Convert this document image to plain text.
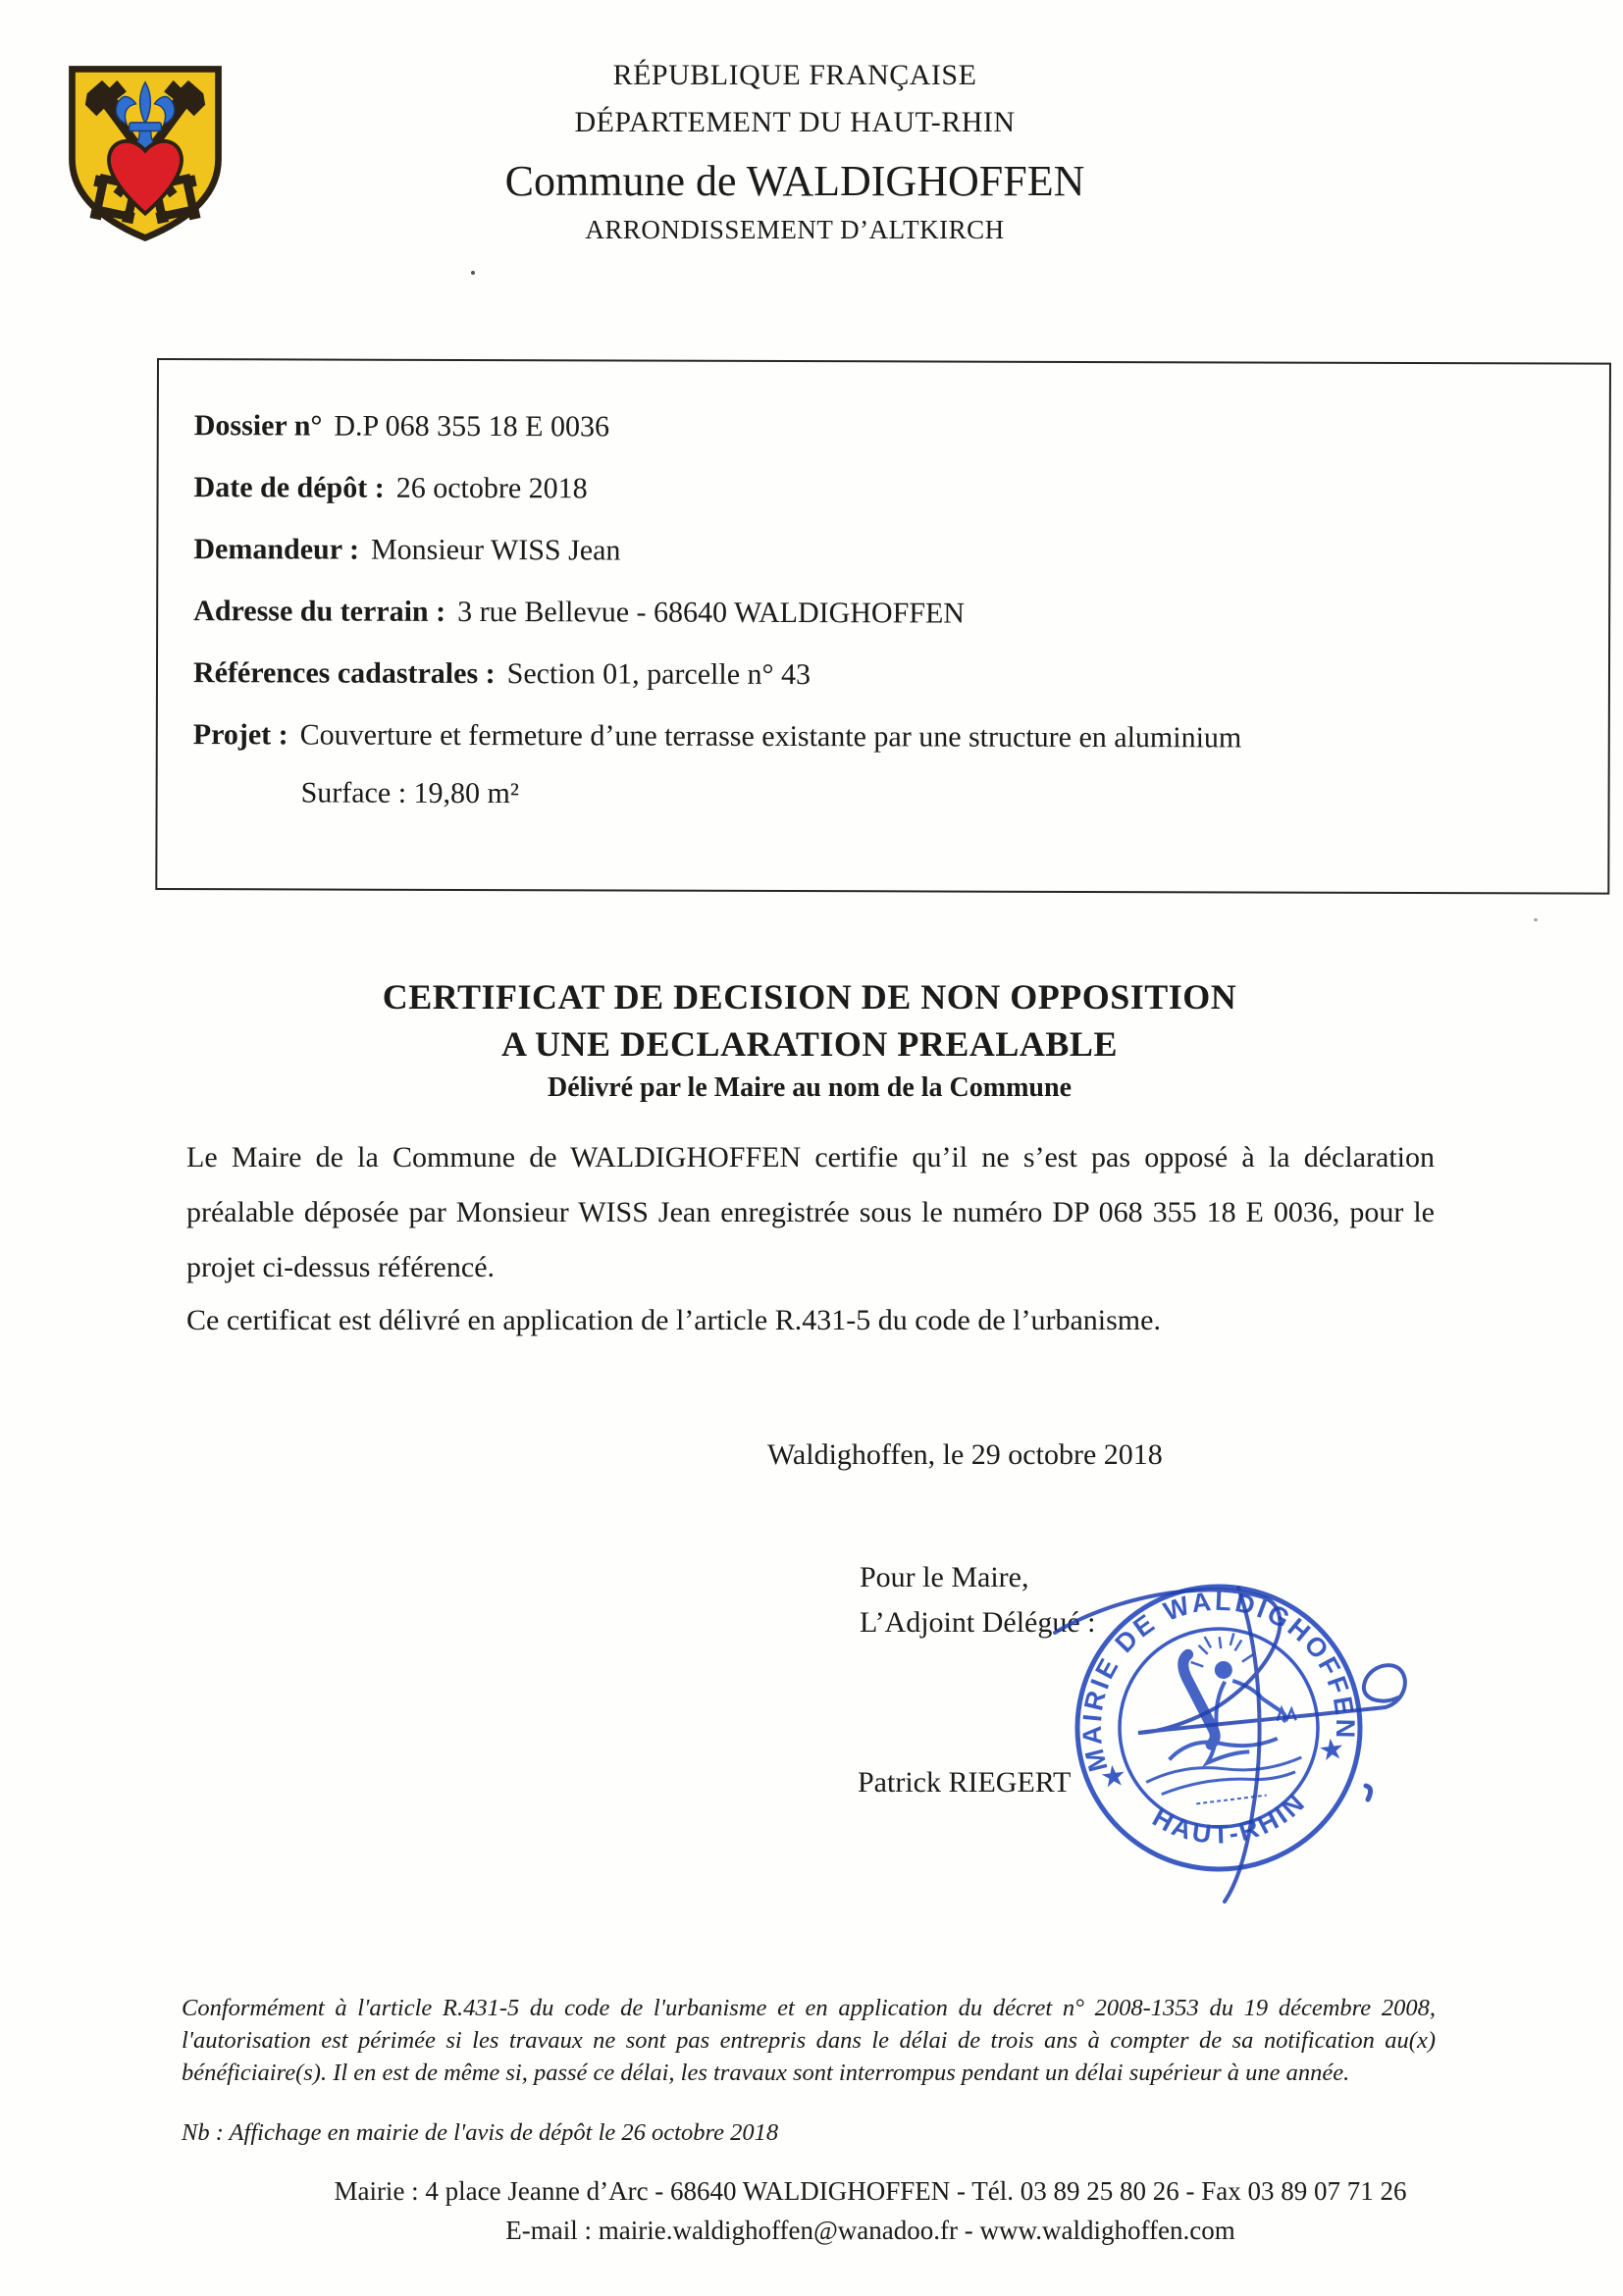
RÉPUBLIQUE FRANÇAISE
DÉPARTEMENT DU HAUT-RHIN
Commune de WALDIGHOFFEN
ARRONDISSEMENT D’ALTKIRCH
Dossier n° D.P 068 355 18 E 0036
Date de dépôt : 26 octobre 2018
Demandeur : Monsieur WISS Jean
Adresse du terrain : 3 rue Bellevue - 68640 WALDIGHOFFEN
Références cadastrales : Section 01, parcelle n° 43
Projet : Couverture et fermeture d’une terrasse existante par une structure en aluminium
Surface : 19,80 m²
CERTIFICAT DE DECISION DE NON OPPOSITION
A UNE DECLARATION PREALABLE
Délivré par le Maire au nom de la Commune
Le Maire de la Commune de WALDIGHOFFEN certifie qu’il ne s’est pas opposé à la déclaration préalable déposée par Monsieur WISS Jean enregistrée sous le numéro DP 068 355 18 E 0036, pour le projet ci-dessus référencé.
Ce certificat est délivré en application de l’article R.431-5 du code de l’urbanisme.
Waldighoffen, le 29 octobre 2018
Pour le Maire,
L’Adjoint Délégué :
Patrick RIEGERT
MAIRIE DE WALDIGHOFFEN
HAUT-RHIN
★
★
Conformément à l'article R.431-5 du code de l'urbanisme et en application du décret n° 2008-1353 du 19 décembre 2008, l'autorisation est périmée si les travaux ne sont pas entrepris dans le délai de trois ans à compter de sa notification au(x) bénéficiaire(s). Il en est de même si, passé ce délai, les travaux sont interrompus pendant un délai supérieur à une année.
Nb : Affichage en mairie de l'avis de dépôt le 26 octobre 2018
Mairie : 4 place Jeanne d’Arc - 68640 WALDIGHOFFEN - Tél. 03 89 25 80 26 - Fax 03 89 07 71 26
E-mail : mairie.waldighoffen@wanadoo.fr - www.waldighoffen.com
